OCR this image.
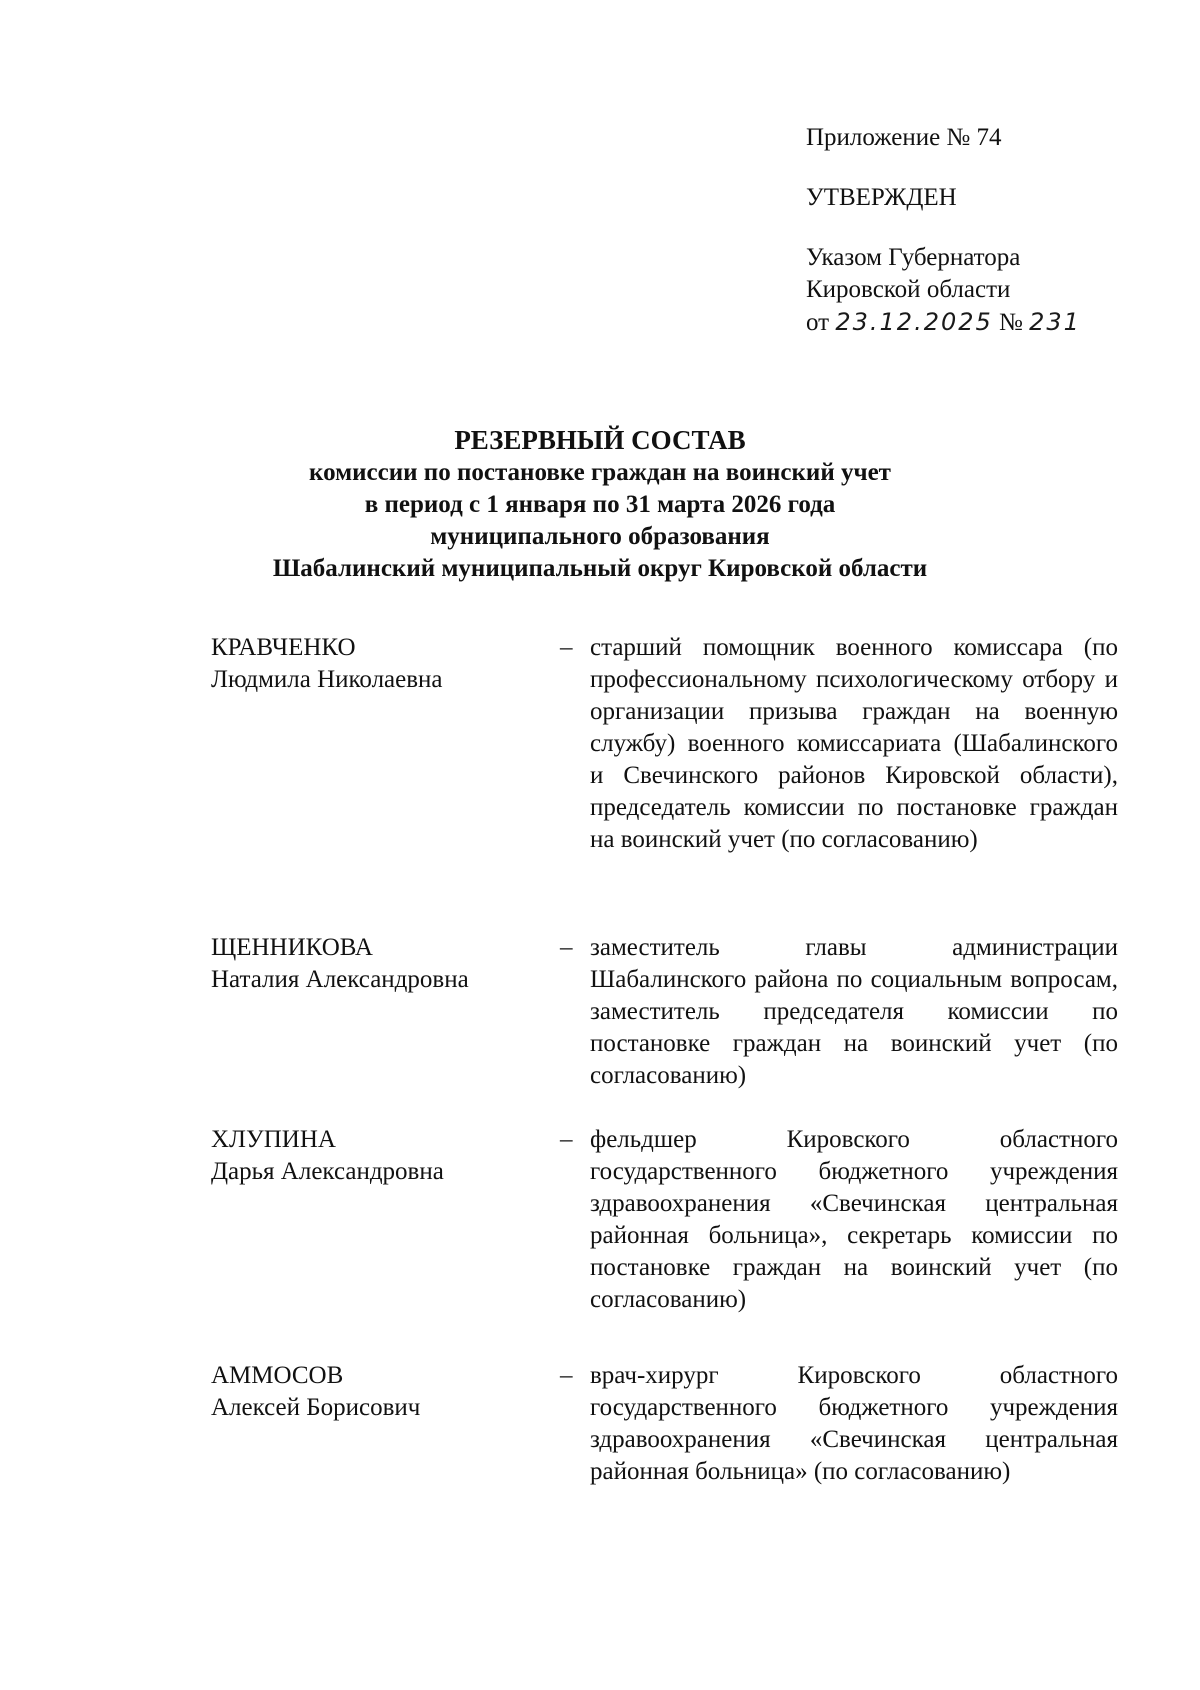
Приложение № 74
УТВЕРЖДЕН
Указом Губернатора
Кировской области
от 23.12.2025 № 231
РЕЗЕРВНЫЙ СОСТАВ
комиссии по постановке граждан на воинский учет
в период с 1 января по 31 марта 2026 года
муниципального образования
Шабалинский муниципальный округ Кировской области
КРАВЧЕНКО
Людмила Николаевна
– старший помощник военного комиссара (по профессиональному психологическому отбору и организации призыва граждан на военную службу) военного комиссариата (Шабалинского и Свечинского районов Кировской области), председатель комиссии по постановке граждан на воинский учет (по согласованию)
ЩЕННИКОВА
Наталия Александровна
– заместитель главы администрации Шабалинского района по социальным вопросам, заместитель председателя комиссии по постановке граждан на воинский учет (по согласованию)
ХЛУПИНА
Дарья Александровна
– фельдшер Кировского областного государственного бюджетного учреждения здравоохранения «Свечинская центральная районная больница», секретарь комиссии по постановке граждан на воинский учет (по согласованию)
АММОСОВ
Алексей Борисович
– врач-хирург Кировского областного государственного бюджетного учреждения здравоохранения «Свечинская центральная районная больница» (по согласованию)
